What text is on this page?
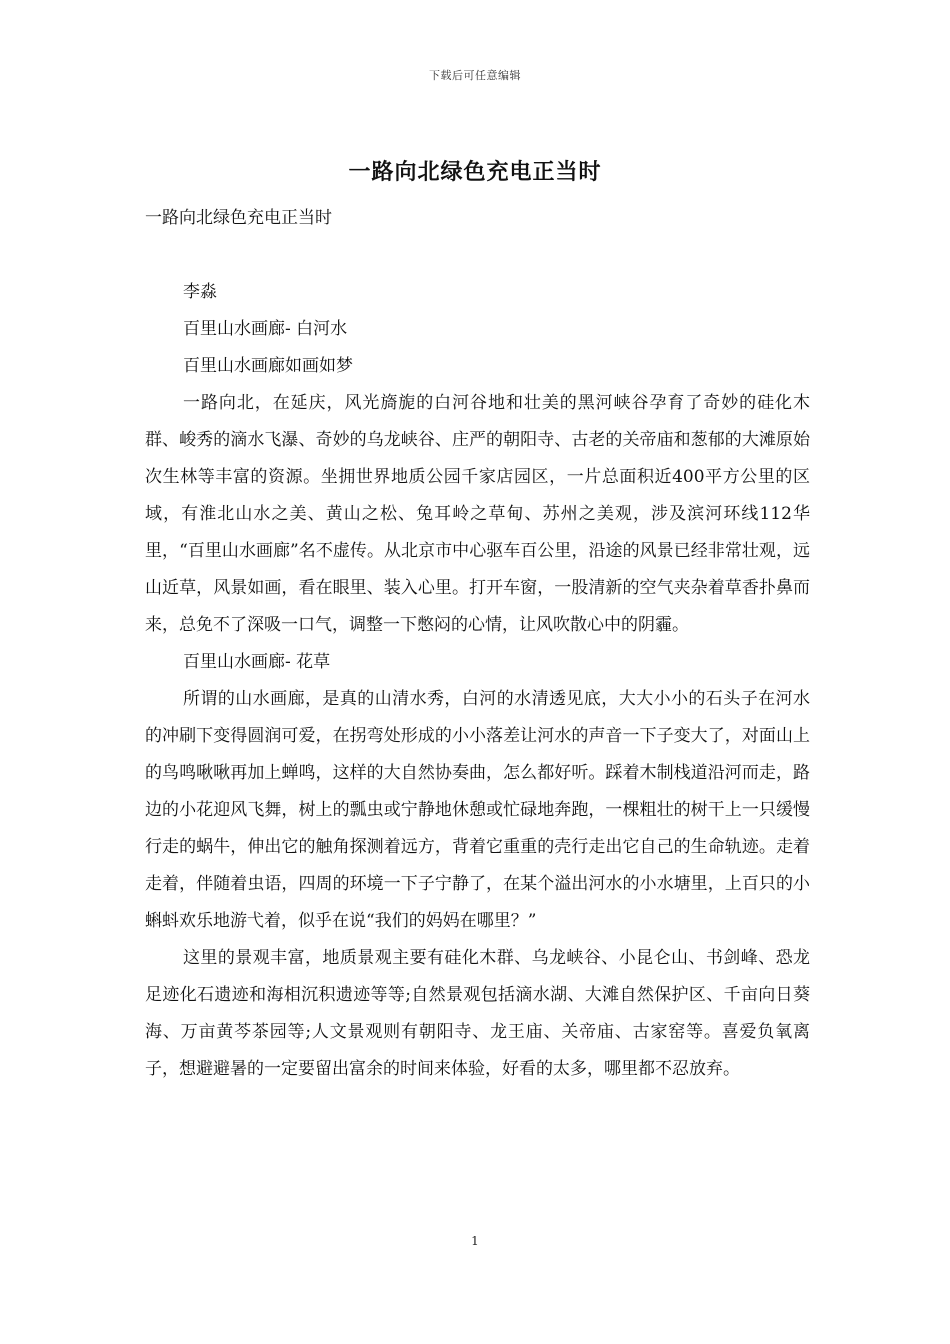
下载后可任意编辑
一路向北绿色充电正当时

一路向北绿色充电正当时

李淼

百里山水画廊- 白河水

百里山水画廊如画如梦

一路向北，在延庆，风光旖旎的白河谷地和壮美的黑河峡谷孕育了奇妙的硅化木群、峻秀的滴水飞瀑、奇妙的乌龙峡谷、庄严的朝阳寺、古老的关帝庙和葱郁的大滩原始次生林等丰富的资源。坐拥世界地质公园千家店园区，一片总面积近400平方公里的区域，有淮北山水之美、黄山之松、兔耳岭之草甸、苏州之美观，涉及滨河环线112华里，“百里山水画廊”名不虚传。从北京市中心驱车百公里，沿途的风景已经非常壮观，远山近草，风景如画，看在眼里、装入心里。打开车窗，一股清新的空气夹杂着草香扑鼻而来，总免不了深吸一口气，调整一下憋闷的心情，让风吹散心中的阴霾。

百里山水画廊- 花草

所谓的山水画廊，是真的山清水秀，白河的水清透见底，大大小小的石头子在河水的冲刷下变得圆润可爱，在拐弯处形成的小小落差让河水的声音一下子变大了，对面山上的鸟鸣啾啾再加上蝉鸣，这样的大自然协奏曲，怎么都好听。踩着木制栈道沿河而走，路边的小花迎风飞舞，树上的瓢虫或宁静地休憩或忙碌地奔跑，一棵粗壮的树干上一只缓慢行走的蜗牛，伸出它的触角探测着远方，背着它重重的壳行走出它自己的生命轨迹。走着走着，伴随着虫语，四周的环境一下子宁静了，在某个溢出河水的小水塘里，上百只的小蝌蚪欢乐地游弋着，似乎在说“我们的妈妈在哪里？”

这里的景观丰富，地质景观主要有硅化木群、乌龙峡谷、小昆仑山、书剑峰、恐龙足迹化石遗迹和海相沉积遗迹等等;自然景观包括滴水湖、大滩自然保护区、千亩向日葵海、万亩黄芩茶园等;人文景观则有朝阳寺、龙王庙、关帝庙、古家窑等。喜爱负氧离子，想避避暑的一定要留出富余的时间来体验，好看的太多，哪里都不忍放弃。

1
